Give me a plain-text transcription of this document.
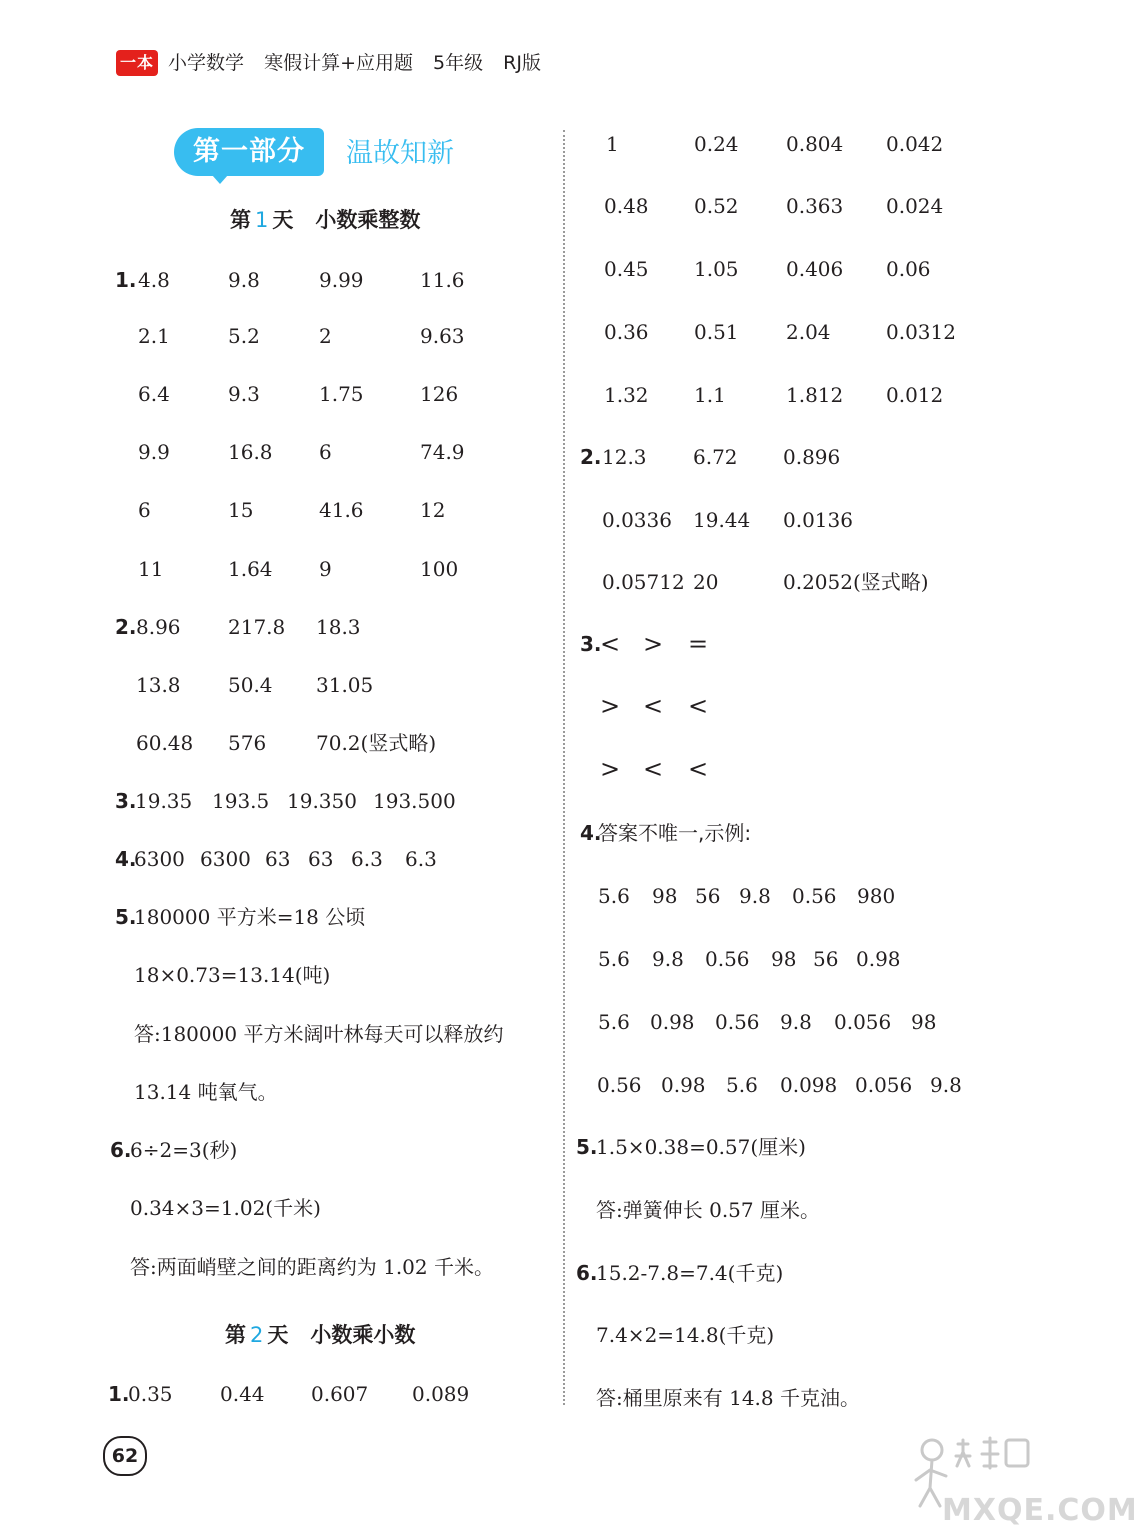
一本 小学数学 寒假计算+应用题 5年级 RJ版
第一部分	温故知新
第 1 天 小数乘整数
1. 4.8	9.8	9.99	11.6
2.1	5.2	2	9.63
6.4	9.3	1.75	126
9.9	16.8 6	74.9
6	15	41.6	12
11	1.64 9	100
2. 8.96 217.8 18.3
13.8 50.4 31.05
60.48 576 70.2(竖式略)
3.
19.35 193.5 19.350 193.500
4.
6300 6300 63 63 6.3 6.3
5.
180000 平方米=18 公顷
18×0.73=13.14(吨)
答:180000 平方米阔叶林每天可以释放约
13.14 吨氧气。
6.
6÷2=3(秒)
0.34×3=1.02(千米)
答:两面峭壁之间的距离约为 1.02 千米。
第 2 天 小数乘小数
1.
0.35 0.44 0.607 0.089
1	0.24 0.804 0.042
0.48 0.52 0.363 0.024
0.45 1.05 0.406 0.06
0.36 0.51 2.04	0.0312
1.32 1.1	1.812 0.012
2. 12.3 6.72 0.896
0.0336 19.44 0.0136
0.05712 20	0.2052(竖式略)
3.
< > =
> < <
> < <
4.
答案不唯一,示例:
5.6 98 56 9.8 0.56 980
5.6 9.8 0.56 98 56 0.98
5.6 0.98 0.56 9.8 0.056 98
0.56 0.98 5.6 0.098 0.056 9.8
5.
1.5×0.38=0.57(厘米)
答:弹簧伸长 0.57 厘米。
6.
15.2-7.8=7.4(千克)
7.4×2=14.8(千克)
答:桶里原来有 14.8 千克油。
62
MXQE.COM
